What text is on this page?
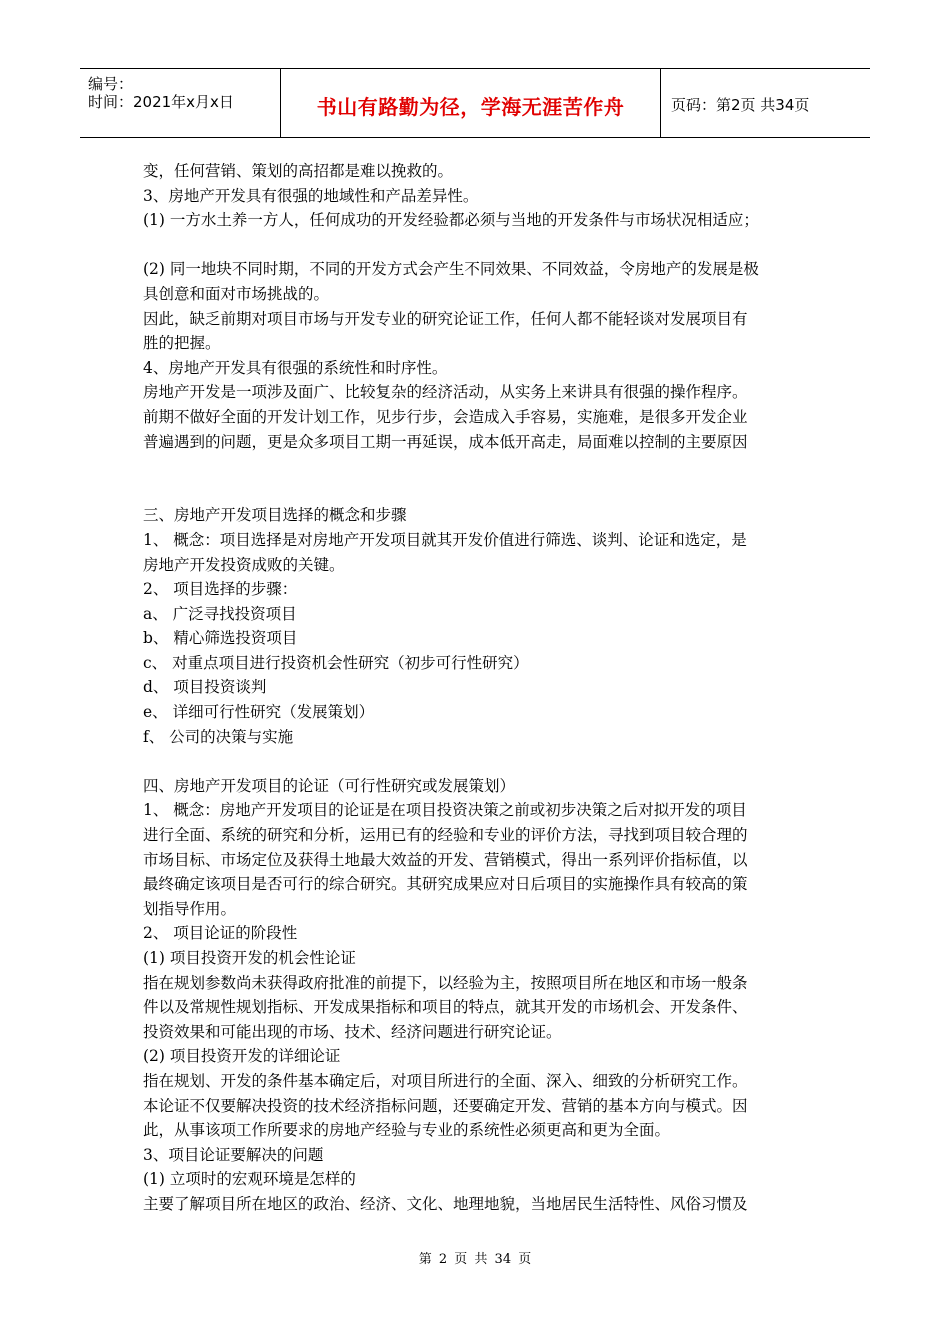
编号：
时间：2021年x月x日	书山有路勤为径，学海无涯苦作舟	页码：第2页 共34页

变，任何营销、策划的高招都是难以挽救的。

3、房地产开发具有很强的地域性和产品差异性。

(1) 一方水土养一方人，任何成功的开发经验都必须与当地的开发条件与市场状况相适应；

(2) 同一地块不同时期，不同的开发方式会产生不同效果、不同效益，令房地产的发展是极

具创意和面对市场挑战的。

因此，缺乏前期对项目市场与开发专业的研究论证工作，任何人都不能轻谈对发展项目有

胜的把握。

4、房地产开发具有很强的系统性和时序性。

房地产开发是一项涉及面广、比较复杂的经济活动，从实务上来讲具有很强的操作程序。

前期不做好全面的开发计划工作，见步行步，会造成入手容易，实施难，是很多开发企业

普遍遇到的问题，更是众多项目工期一再延误，成本低开高走，局面难以控制的主要原因

三、房地产开发项目选择的概念和步骤

1、 概念：项目选择是对房地产开发项目就其开发价值进行筛选、谈判、论证和选定，是

房地产开发投资成败的关键。

2、 项目选择的步骤：

a、 广泛寻找投资项目

b、 精心筛选投资项目

c、 对重点项目进行投资机会性研究（初步可行性研究）

d、 项目投资谈判

e、 详细可行性研究（发展策划）

f、 公司的决策与实施

四、房地产开发项目的论证（可行性研究或发展策划）

1、 概念：房地产开发项目的论证是在项目投资决策之前或初步决策之后对拟开发的项目

进行全面、系统的研究和分析，运用已有的经验和专业的评价方法，寻找到项目较合理的

市场目标、市场定位及获得土地最大效益的开发、营销模式，得出一系列评价指标值，以

最终确定该项目是否可行的综合研究。其研究成果应对日后项目的实施操作具有较高的策

划指导作用。

2、 项目论证的阶段性

(1) 项目投资开发的机会性论证

指在规划参数尚未获得政府批准的前提下，以经验为主，按照项目所在地区和市场一般条

件以及常规性规划指标、开发成果指标和项目的特点，就其开发的市场机会、开发条件、

投资效果和可能出现的市场、技术、经济问题进行研究论证。

(2) 项目投资开发的详细论证

指在规划、开发的条件基本确定后，对项目所进行的全面、深入、细致的分析研究工作。

本论证不仅要解决投资的技术经济指标问题，还要确定开发、营销的基本方向与模式。因

此，从事该项工作所要求的房地产经验与专业的系统性必须更高和更为全面。

3、项目论证要解决的问题

(1) 立项时的宏观环境是怎样的

主要了解项目所在地区的政治、经济、文化、地理地貌，当地居民生活特性、风俗习惯及

第 2 页 共 34 页
